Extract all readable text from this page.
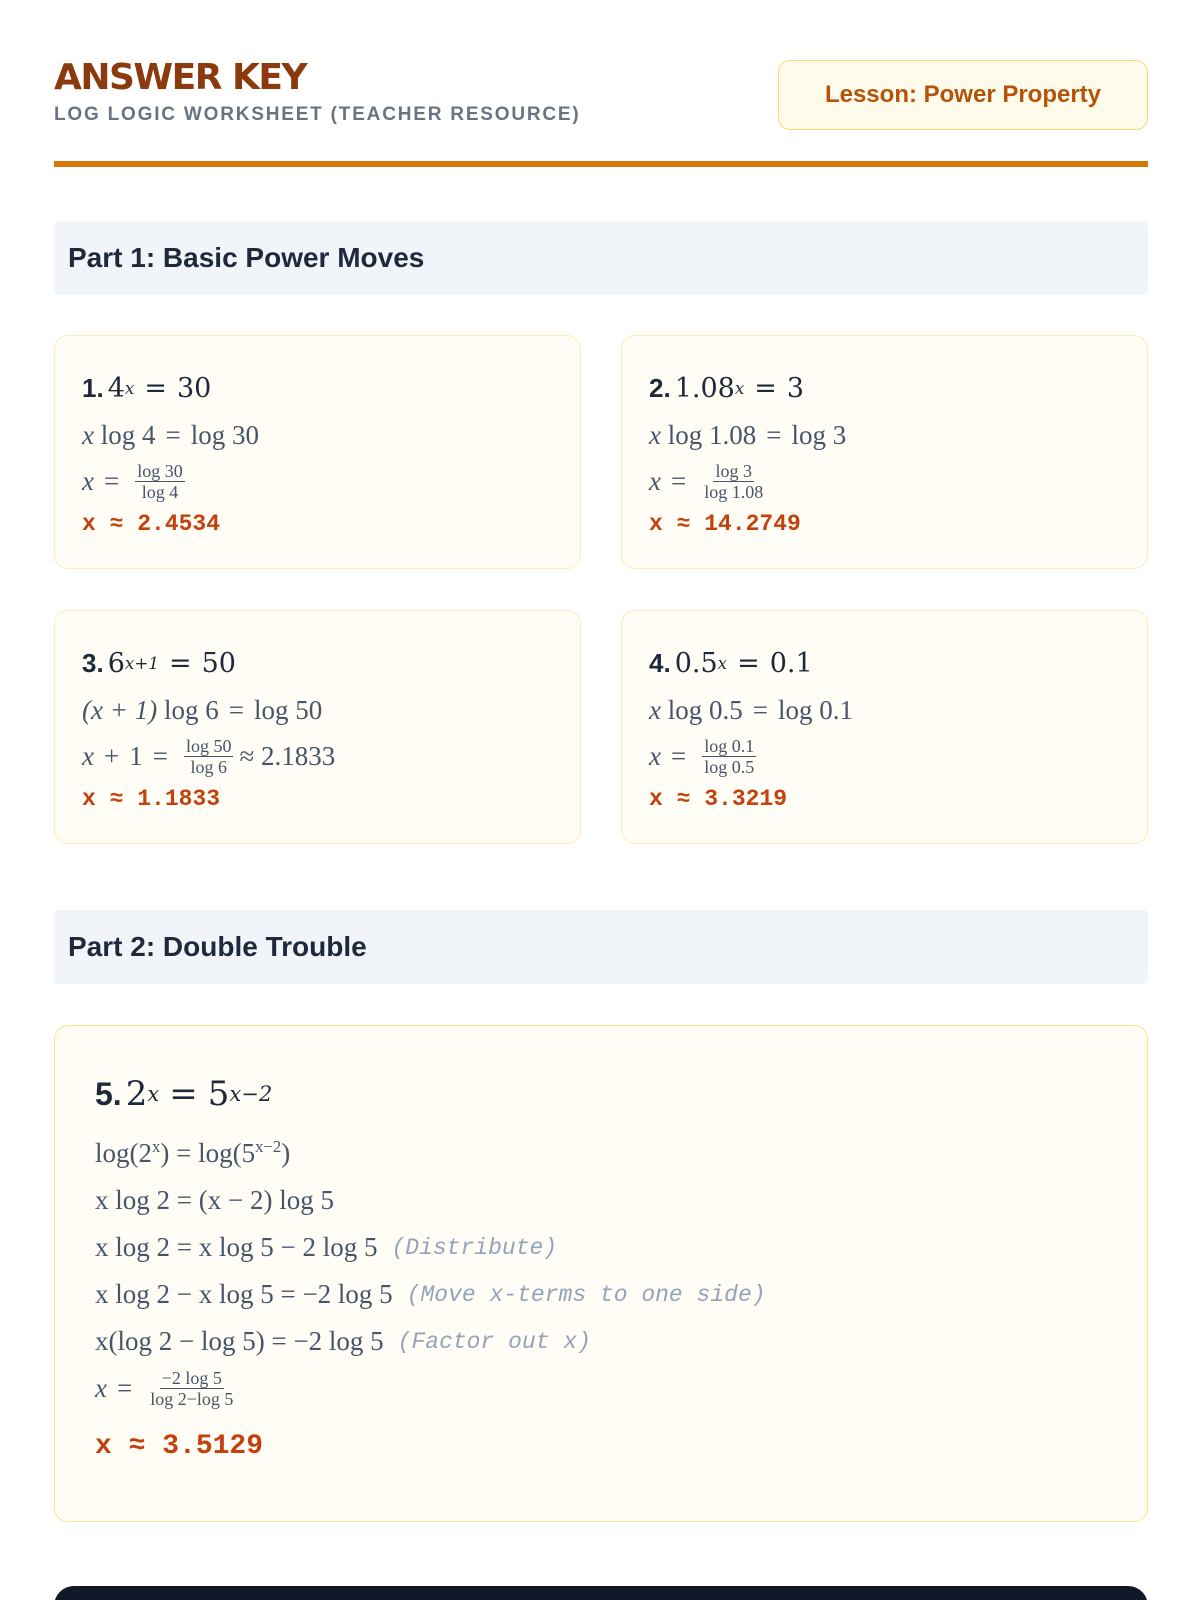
ANSWER KEY
LOG LOGIC WORKSHEET (TEACHER RESOURCE)
Lesson: Power Property
Part 1: Basic Power Moves
1. 4 x = 30
x
log 4 = log 30
$x = \frac{\log 30}{\log 4}$
x ≈ 2.4534
2. 1.08 x = 3
x
log 1.08 = log 3
$x = \frac{\log 3}{\log 1.08}$
x ≈ 14.2749
3. 6 x+1 = 50
(x + 1)
log 6 = log 50
$x + 1 = \frac{\log 50}{\log 6} \approx 2.1833$
x ≈ 1.1833
4. 0.5 x = 0.1
x
log 0.5 = log 0.1
$x = \frac{\log 0.1}{\log 0.5}$
x ≈ 3.3219
Part 2: Double Trouble
5. 2 x = 5 x−2
$\log(2^x) = \log(5^{x-2})$
x log 2 = (x − 2) log 5
x log 2 = x log 5 − 2 log 5 (Distribute)
x log 2 − x log 5 = −2 log 5 (Move x-terms to one side)
x(log 2 − log 5) = −2 log 5 (Factor out x)
$x = \frac{-2 \log 5}{\log 2-\log 5}$
x ≈ 3.5129
